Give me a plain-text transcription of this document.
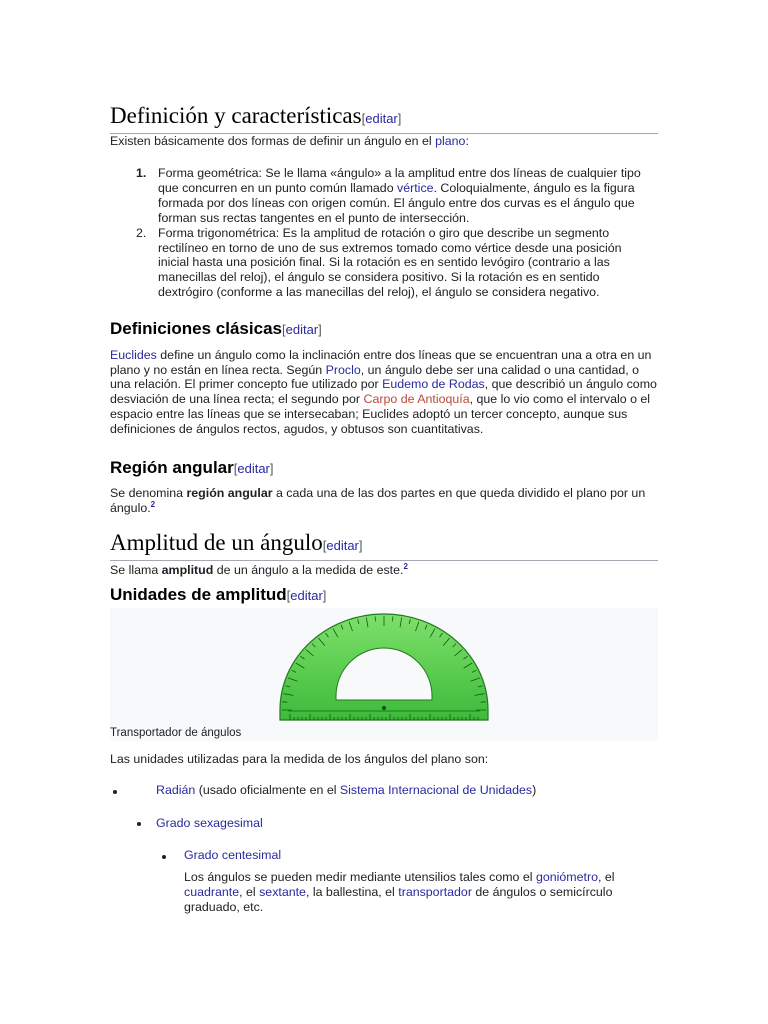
Definición y características[editar]

Existen básicamente dos formas de definir un ángulo en el plano:

1. Forma geométrica: Se le llama «ángulo» a la amplitud entre dos líneas de cualquier tipo que concurren en un punto común llamado vértice. Coloquialmente, ángulo es la figura formada por dos líneas con origen común. El ángulo entre dos curvas es el ángulo que forman sus rectas tangentes en el punto de intersección.
2. Forma trigonométrica: Es la amplitud de rotación o giro que describe un segmento rectilíneo en torno de uno de sus extremos tomado como vértice desde una posición inicial hasta una posición final. Si la rotación es en sentido levógiro (contrario a las manecillas del reloj), el ángulo se considera positivo. Si la rotación es en sentido dextrógiro (conforme a las manecillas del reloj), el ángulo se considera negativo.
Definiciones clásicas[editar]

Euclides define un ángulo como la inclinación entre dos líneas que se encuentran una a otra en un plano y no están en línea recta. Según Proclo, un ángulo debe ser una calidad o una cantidad, o una relación. El primer concepto fue utilizado por Eudemo de Rodas, que describió un ángulo como desviación de una línea recta; el segundo por Carpo de Antioquía, que lo vio como el intervalo o el espacio entre las líneas que se intersecaban; Euclides adoptó un tercer concepto, aunque sus definiciones de ángulos rectos, agudos, y obtusos son cuantitativas.

Región angular[editar]

Se denomina región angular a cada una de las dos partes en que queda dividido el plano por un ángulo.$^2$

Amplitud de un ángulo[editar]

Se llama amplitud de un ángulo a la medida de este.$^2$

Unidades de amplitud[editar]
Transportador de ángulos

Las unidades utilizadas para la medida de los ángulos del plano son:

Radián (usado oficialmente en el Sistema Internacional de Unidades)
Grado sexagesimal
Grado centesimal
Los ángulos se pueden medir mediante utensilios tales como el goniómetro, el cuadrante, el sextante, la ballestina, el transportador de ángulos o semicírculo graduado, etc.
